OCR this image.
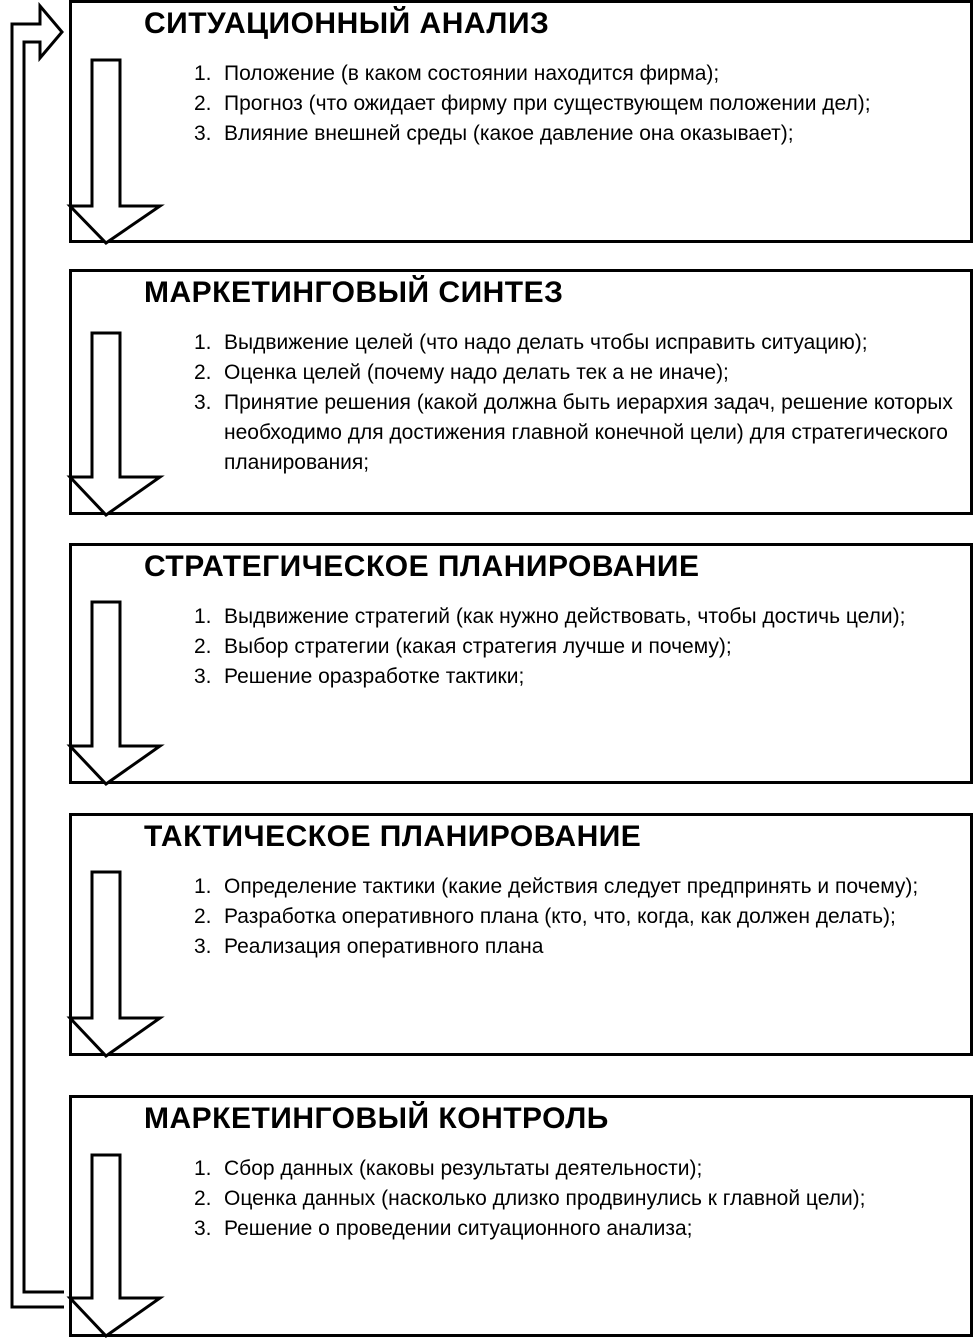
СИТУАЦИОННЫЙ АНАЛИЗ
1. Положение (в каком состоянии находится фирма);
2. Прогноз (что ожидает фирму при существующем положении дел);
3. Влияние внешней среды (какое давление она оказывает);
МАРКЕТИНГОВЫЙ СИНТЕЗ
1. Выдвижение целей (что надо делать чтобы исправить ситуацию);
2. Оценка целей (почему надо делать тек а не иначе);
3. Принятие решения (какой должна быть иерархия задач, решение которых необходимо для достижения главной конечной цели) для стратегического планирования;
СТРАТЕГИЧЕСКОЕ ПЛАНИРОВАНИЕ
1. Выдвижение стратегий (как нужно действовать, чтобы достичь цели);
2. Выбор стратегии (какая стратегия лучше и почему);
3. Решение оразработке тактики;
ТАКТИЧЕСКОЕ ПЛАНИРОВАНИЕ
1. Определение тактики (какие действия следует предпринять и почему);
2. Разработка оперативного плана (кто, что, когда, как должен делать);
3. Реализация оперативного плана
МАРКЕТИНГОВЫЙ КОНТРОЛЬ
1. Сбор данных (каковы результаты деятельности);
2. Оценка данных (насколько длизко продвинулись к главной цели);
3. Решение о проведении ситуационного анализа;
